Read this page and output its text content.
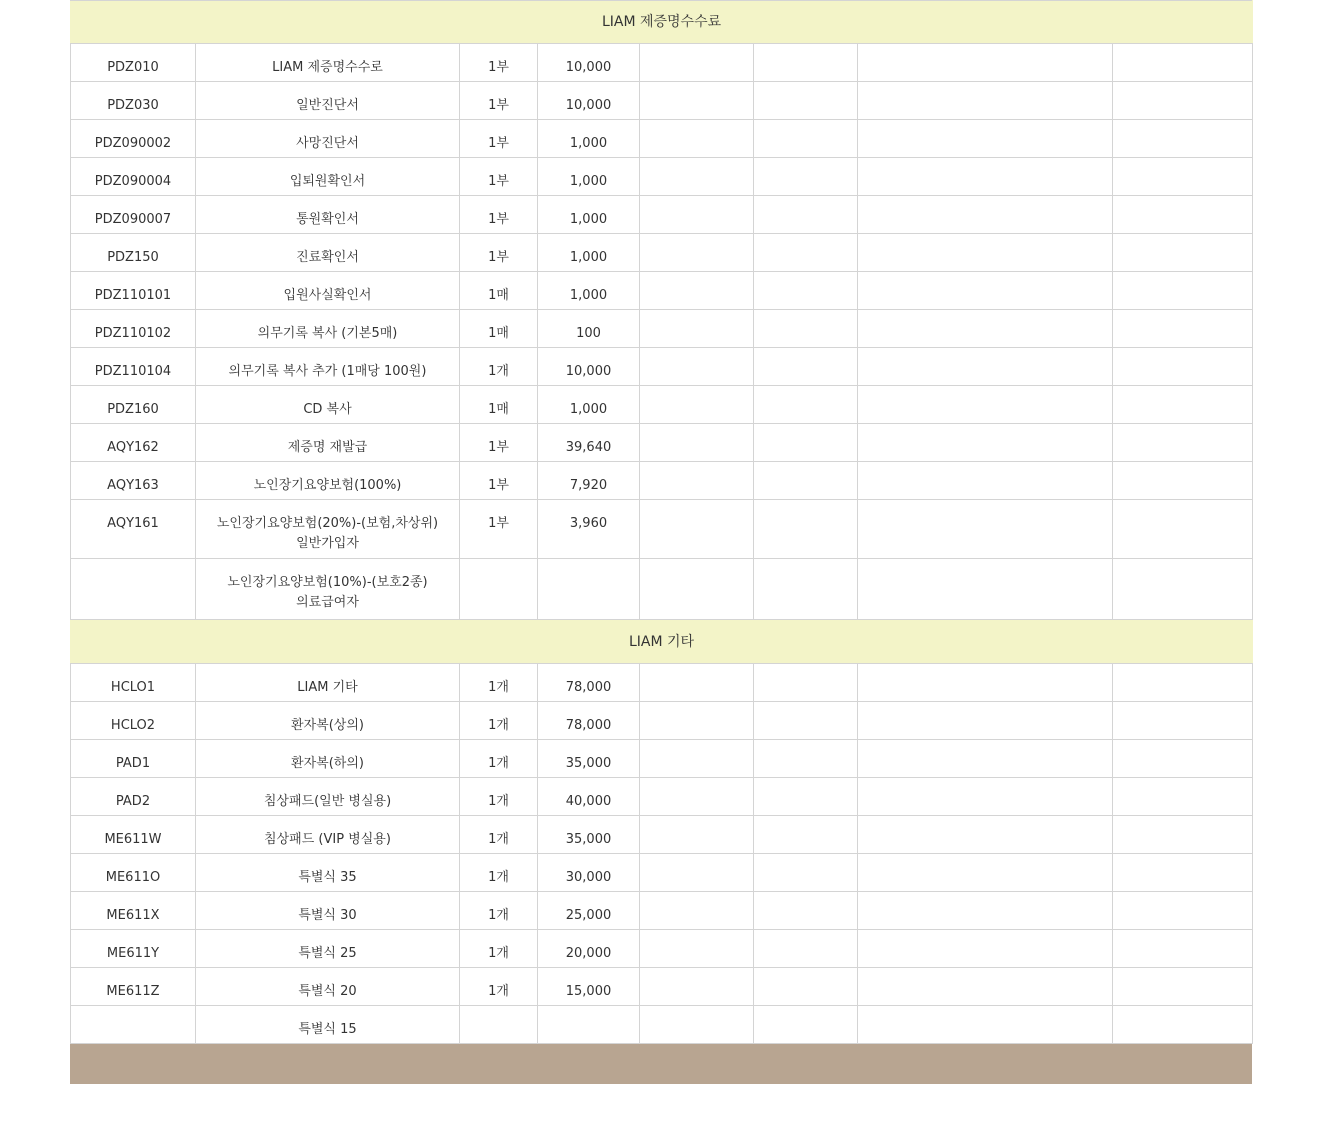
LIAM 제증명수수료							

PDZ010	LIAM 제증명수수로	1부	10,000				

PDZ030	일반진단서	1부	10,000				

PDZ090002	사망진단서	1부	1,000				

PDZ090004	입퇴원확인서	1부	1,000				

PDZ090007	통원확인서	1부	1,000				

PDZ150	진료확인서	1부	1,000				

PDZ110101	입원사실확인서	1매	1,000				

PDZ110102	의무기록 복사 (기본5매)	1매	100				

PDZ110104	의무기록 복사 추가 (1매당 100원)	1개	10,000				

PDZ160	CD 복사	1매	1,000				

AQY162	제증명 재발급	1부	39,640				

AQY163	노인장기요양보험(100%)	1부	7,920				

AQY161	노인장기요양보험(20%)-(보험,차상위)
일반가입자	1부	3,960				

	노인장기요양보험(10%)-(보호2종)
의료급여자						

LIAM 기타							

HCLO1	LIAM 기타	1개	78,000				

HCLO2	환자복(상의)	1개	78,000				

PAD1	환자복(하의)	1개	35,000				

PAD2	침상패드(일반 병실용)	1개	40,000				

ME611W	침상패드 (VIP 병실용)	1개	35,000				

ME611O	특별식 35	1개	30,000				

ME611X	특별식 30	1개	25,000				

ME611Y	특별식 25	1개	20,000				

ME611Z	특별식 20	1개	15,000				

	특별식 15						
